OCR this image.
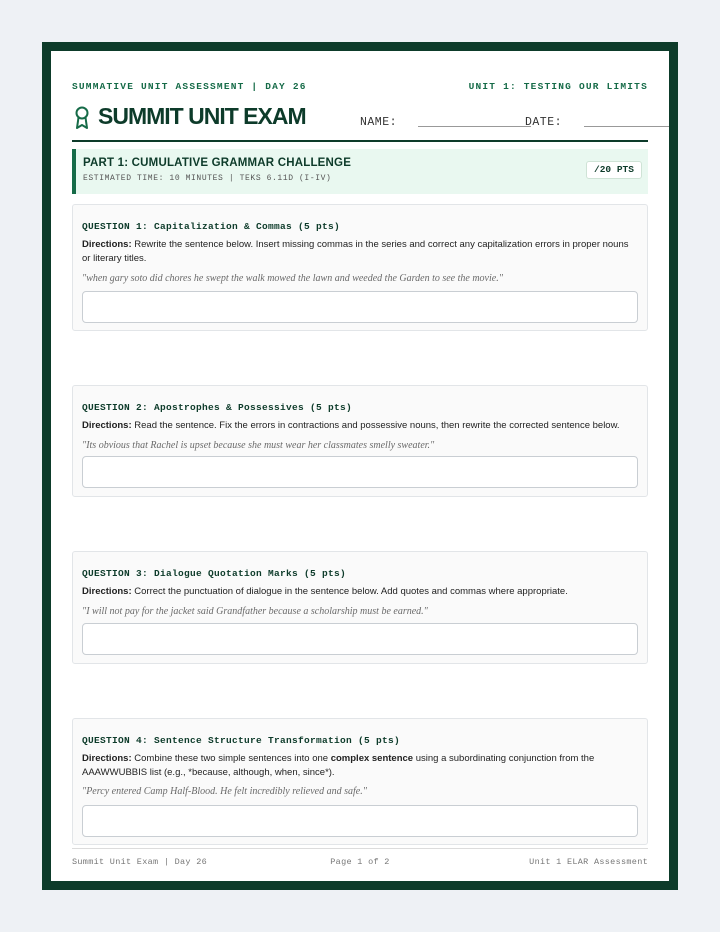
SUMMATIVE UNIT ASSESSMENT | DAY 26	UNIT 1: TESTING OUR LIMITS
SUMMIT UNIT EXAM	NAME:	DATE:
PART 1: CUMULATIVE GRAMMAR CHALLENGE
ESTIMATED TIME: 10 MINUTES | TEKS 6.11D (I-IV)
/20 PTS
QUESTION 1: Capitalization & Commas (5 pts)
Directions: Rewrite the sentence below. Insert missing commas in the series and correct any capitalization errors in proper nouns or literary titles.
"when gary soto did chores he swept the walk mowed the lawn and weeded the Garden to see the movie."
QUESTION 2: Apostrophes & Possessives (5 pts)
Directions: Read the sentence. Fix the errors in contractions and possessive nouns, then rewrite the corrected sentence below.
"Its obvious that Rachel is upset because she must wear her classmates smelly sweater."
QUESTION 3: Dialogue Quotation Marks (5 pts)
Directions: Correct the punctuation of dialogue in the sentence below. Add quotes and commas where appropriate.
"I will not pay for the jacket said Grandfather because a scholarship must be earned."
QUESTION 4: Sentence Structure Transformation (5 pts)
Directions: Combine these two simple sentences into one complex sentence using a subordinating conjunction from the AAAWWUBBIS list (e.g., *because, although, when, since*).
"Percy entered Camp Half-Blood. He felt incredibly relieved and safe."
Summit Unit Exam | Day 26	Page 1 of 2	Unit 1 ELAR Assessment
